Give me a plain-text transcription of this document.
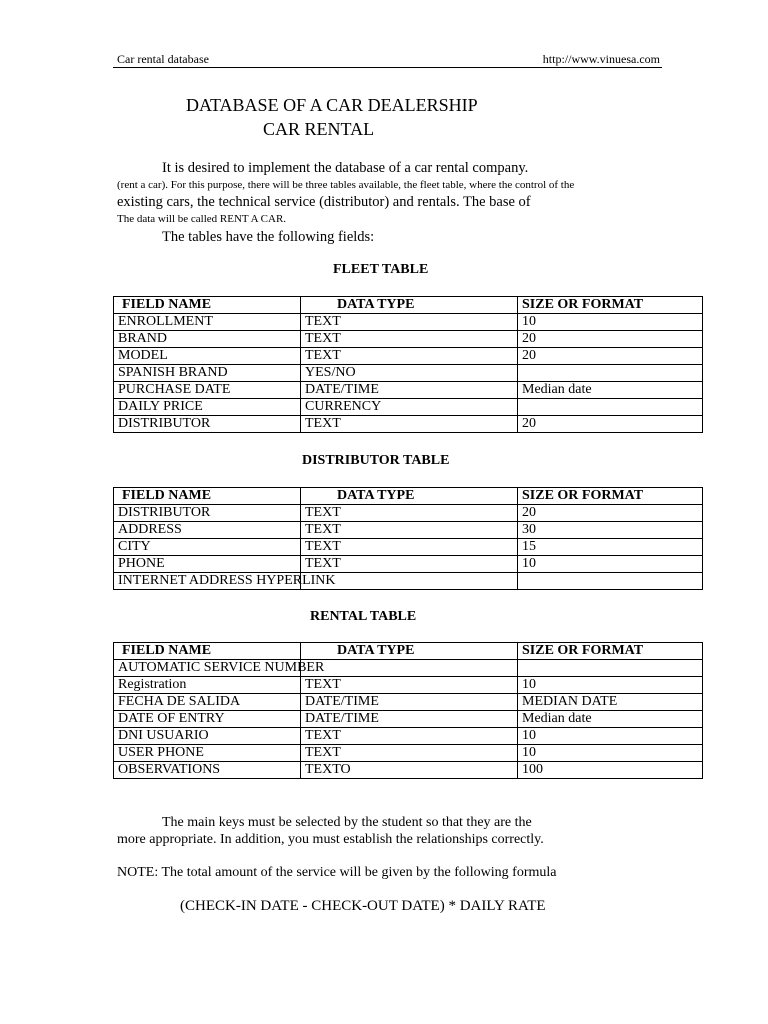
Car rental database	http://www.vinuesa.com
DATABASE OF A CAR DEALERSHIP
CAR RENTAL
It is desired to implement the database of a car rental company.
(rent a car). For this purpose, there will be three tables available, the fleet table, where the control of the
existing cars, the technical service (distributor) and rentals. The base of
The data will be called RENT A CAR.
The tables have the following fields:
FLEET TABLE
FIELD NAME	DATA TYPE	SIZE OR FORMAT
ENROLLMENT	TEXT	10
BRAND	TEXT	20
MODEL	TEXT	20
SPANISH BRAND	YES/NO	
PURCHASE DATE	DATE/TIME	Median date
DAILY PRICE	CURRENCY	
DISTRIBUTOR	TEXT	20
DISTRIBUTOR TABLE
FIELD NAME	DATA TYPE	SIZE OR FORMAT
DISTRIBUTOR	TEXT	20
ADDRESS	TEXT	30
CITY	TEXT	15
PHONE	TEXT	10
INTERNET ADDRESS HYPERLINK		
RENTAL TABLE
FIELD NAME	DATA TYPE	SIZE OR FORMAT
AUTOMATIC SERVICE NUMBER		
Registration	TEXT	10
FECHA DE SALIDA	DATE/TIME	MEDIAN DATE
DATE OF ENTRY	DATE/TIME	Median date
DNI USUARIO	TEXT	10
USER PHONE	TEXT	10
OBSERVATIONS	TEXTO	100
The main keys must be selected by the student so that they are the
more appropriate. In addition, you must establish the relationships correctly.
NOTE: The total amount of the service will be given by the following formula
(CHECK-IN DATE - CHECK-OUT DATE) * DAILY RATE
